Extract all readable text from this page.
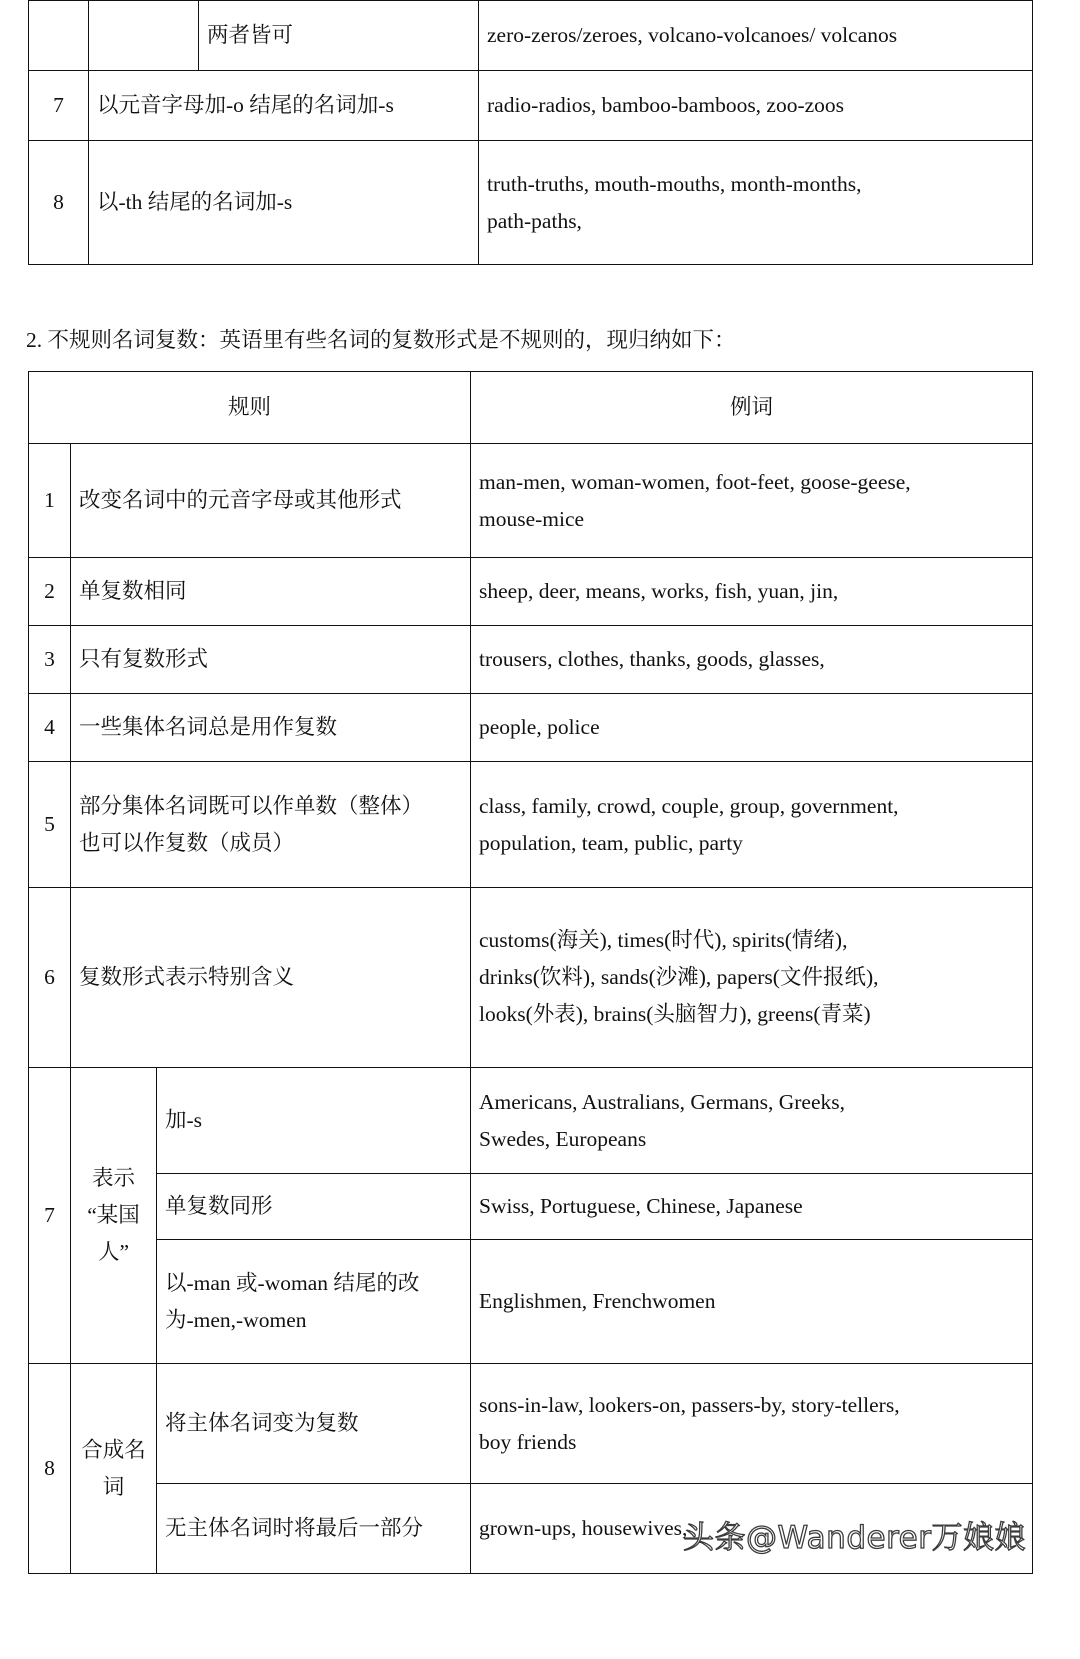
		两者皆可	zero-zeros/zeroes, volcano-volcanoes/ volcanos

7	以元音字母加-o 结尾的名词加-s		radio-radios, bamboo-bamboos, zoo-zoos

8	以-th 结尾的名词加-s		truth-truths, mouth-mouths, month-months,
path-paths,

2. 不规则名词复数：英语里有些名词的复数形式是不规则的，现归纳如下：

规则			例词
1	改变名词中的元音字母或其他形式		man-men, woman-women, foot-feet, goose-geese,
mouse-mice

2	单复数相同		sheep, deer, means, works, fish, yuan, jin,

3	只有复数形式		trousers, clothes, thanks, goods, glasses,

4	一些集体名词总是用作复数		people, police

5	部分集体名词既可以作单数（整体）
也可以作复数（成员）		class, family, crowd, couple, group, government,
population, team, public, party

6	复数形式表示特别含义		customs(海关), times(时代), spirits(情绪),
drinks(饮料), sands(沙滩), papers(文件报纸),
looks(外表), brains(头脑智力), greens(青菜)

7	表示
“某国
人”	加-s	Americans, Australians, Germans, Greeks,
Swedes, Europeans

		单复数同形	Swiss, Portuguese, Chinese, Japanese

		以-man 或-woman 结尾的改
为-men,-women	Englishmen, Frenchwomen

8	合成名
词	将主体名词变为复数	sons-in-law, lookers-on, passers-by, story-tellers,
boy friends

		无主体名词时将最后一部分	grown-ups, housewives,
